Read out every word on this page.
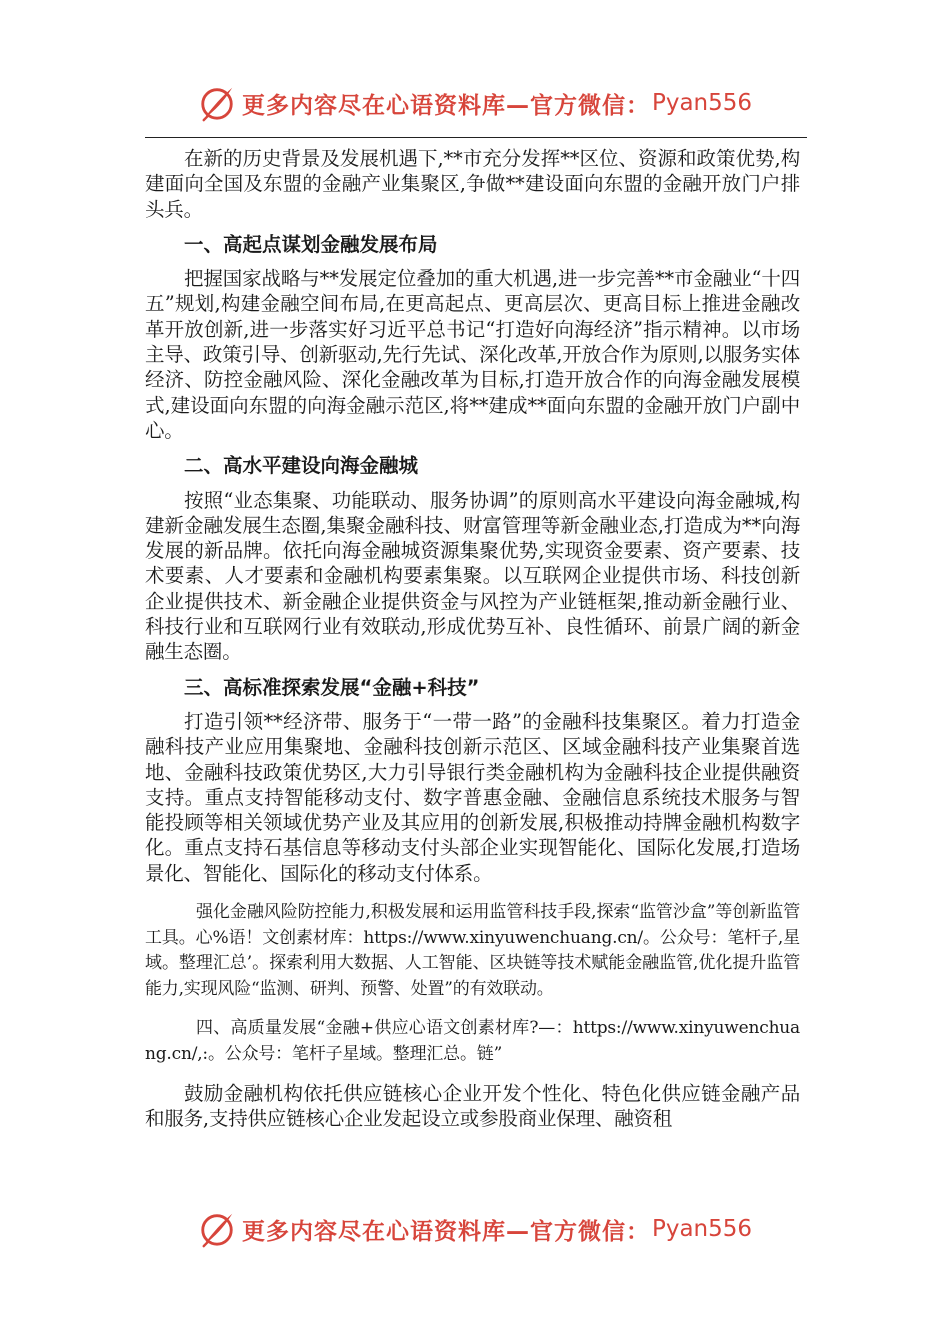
更多内容尽在心语资料库—官方微信： Pyan556

在新的历史背景及发展机遇下,**市充分发挥**区位、资源和政策优势,构建面向全国及东盟的金融产业集聚区,争做**建设面向东盟的金融开放门户排头兵。

一、高起点谋划金融发展布局

把握国家战略与**发展定位叠加的重大机遇,进一步完善**市金融业“十四五”规划,构建金融空间布局,在更高起点、更高层次、更高目标上推进金融改革开放创新,进一步落实好习近平总书记“打造好向海经济”指示精神。以市场主导、政策引导、创新驱动,先行先试、深化改革,开放合作为原则,以服务实体经济、防控金融风险、深化金融改革为目标,打造开放合作的向海金融发展模式,建设面向东盟的向海金融示范区,将**建成**面向东盟的金融开放门户副中心。

二、高水平建设向海金融城

按照“业态集聚、功能联动、服务协调”的原则高水平建设向海金融城,构建新金融发展生态圈,集聚金融科技、财富管理等新金融业态,打造成为**向海发展的新品牌。依托向海金融城资源集聚优势,实现资金要素、资产要素、技术要素、人才要素和金融机构要素集聚。以互联网企业提供市场、科技创新企业提供技术、新金融企业提供资金与风控为产业链框架,推动新金融行业、科技行业和互联网行业有效联动,形成优势互补、良性循环、前景广阔的新金融生态圈。

三、高标准探索发展“金融+科技”

打造引领**经济带、服务于“一带一路”的金融科技集聚区。着力打造金融科技产业应用集聚地、金融科技创新示范区、区域金融科技产业集聚首选地、金融科技政策优势区,大力引导银行类金融机构为金融科技企业提供融资支持。重点支持智能移动支付、数字普惠金融、金融信息系统技术服务与智能投顾等相关领域优势产业及其应用的创新发展,积极推动持牌金融机构数字化。重点支持石基信息等移动支付头部企业实现智能化、国际化发展,打造场景化、智能化、国际化的移动支付体系。

强化金融风险防控能力,积极发展和运用监管科技手段,探索“监管沙盒”等创新监管工具。心%语！文创素材库：https://www.xinyuwenchuang.cn/。公众号：笔杆子,星域。整理汇总’。探索利用大数据、人工智能、区块链等技术赋能金融监管,优化提升监管能力,实现风险“监测、研判、预警、处置”的有效联动。

四、高质量发展“金融+供应心语文创素材库?—：https://www.xinyuwenchuang.cn/,:。公众号：笔杆子星域。整理汇总。链”

鼓励金融机构依托供应链核心企业开发个性化、特色化供应链金融产品和服务,支持供应链核心企业发起设立或参股商业保理、融资租

更多内容尽在心语资料库—官方微信： Pyan556
